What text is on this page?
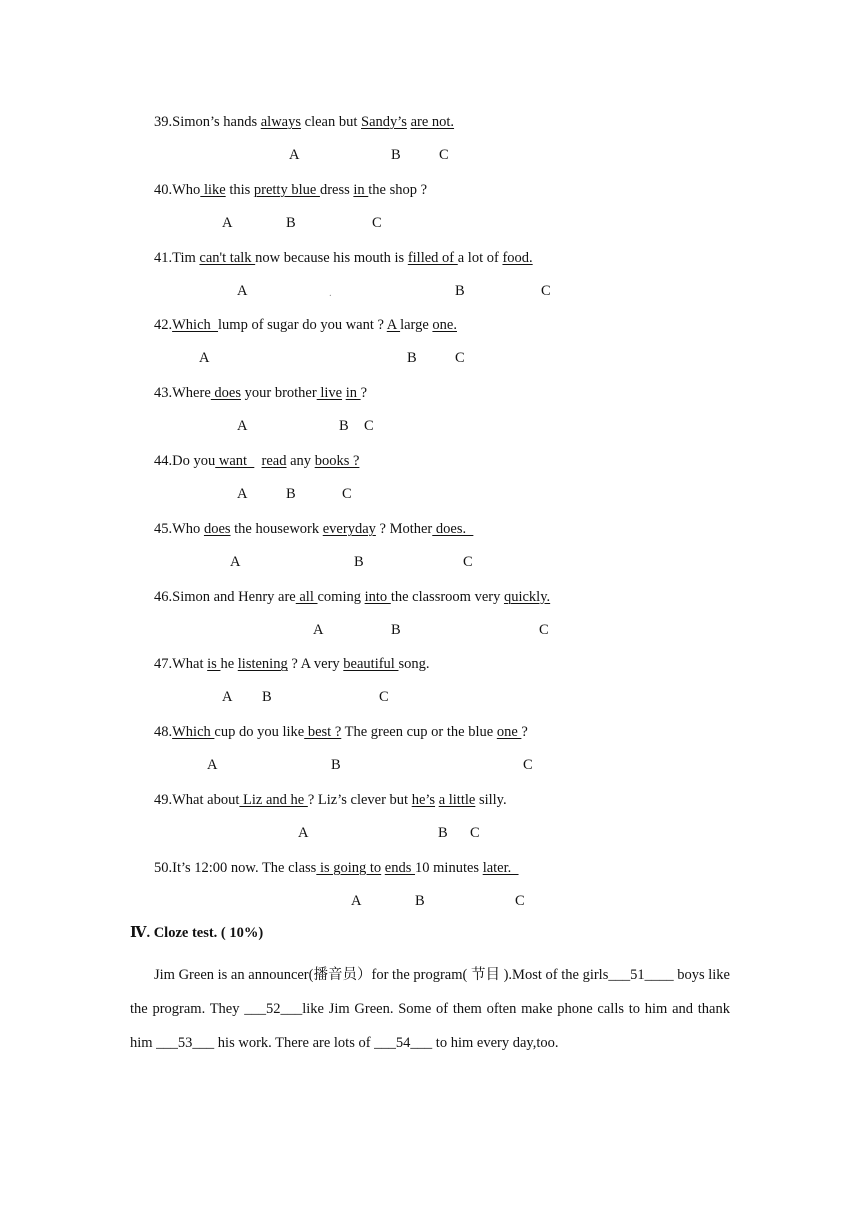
39.Simon’s hands always clean but Sandy’s are not.
A	B	C
40.Who like this pretty blue dress in the shop ?
A	B	C
41.Tim can't talk now because his mouth is filled of a lot of food.
A	B	C
.
42.Which  lump of sugar do you want ? A large one.
A	B	C
43.Where does your brother live in ?
A	B C
44.Do you want    read any books ?
A	B	C
45.Who does the housework everyday ? Mother does.
A	B	C
46.Simon and Henry are all coming into the classroom very quickly.
A	B	C
47.What is he listening ? A very beautiful song.
A B	C
48.Which cup do you like best ? The green cup or the blue one ?
A	B	C
49.What about Liz and he ? Liz’s clever but he’s a little silly.
A	B C
50.It’s 12:00 now. The class is going to ends 10 minutes later.
A	B	C
Ⅳ. Cloze test. ( 10%)
Jim Green is an announcer(播音员）for the program( 节目 ).Most of the girls___51____ boys like the program. They ___52___like Jim Green. Some of them often make phone calls to him and thank him ___53___ his work. There are lots of ___54___ to him every day,too.
